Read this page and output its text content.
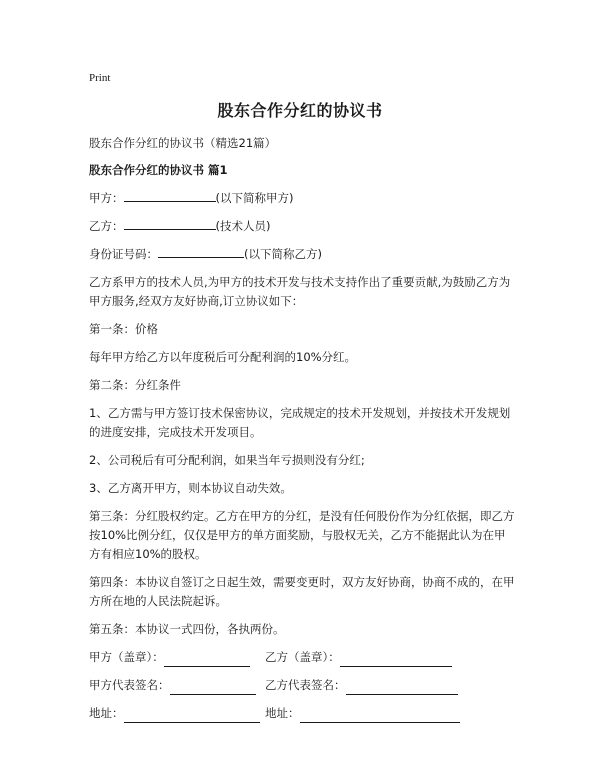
Print
股东合作分红的协议书

股东合作分红的协议书（精选21篇）

股东合作分红的协议书 篇1

甲方：	(以下简称甲方)

乙方：	(技术人员)

身份证号码：	(以下简称乙方)

乙方系甲方的技术人员,为甲方的技术开发与技术支持作出了重要贡献,为鼓励乙方为甲方服务,经双方友好协商,订立协议如下：

第一条：价格

每年甲方给乙方以年度税后可分配利润的10%分红。

第二条：分红条件

1、乙方需与甲方签订技术保密协议，完成规定的技术开发规划，并按技术开发规划的进度安排，完成技术开发项目。

2、公司税后有可分配利润，如果当年亏损则没有分红;

3、乙方离开甲方，则本协议自动失效。

第三条：分红股权约定。乙方在甲方的分红，是没有任何股份作为分红依据，即乙方按10%比例分红，仅仅是甲方的单方面奖励，与股权无关，乙方不能据此认为在甲方有相应10%的股权。

第四条：本协议自签订之日起生效，需要变更时，双方友好协商，协商不成的，在甲方所在地的人民法院起诉。

第五条：本协议一式四份，各执两份。

甲方（盖章）：	乙方（盖章）：
甲方代表签名：	乙方代表签名：
地址：	地址：
